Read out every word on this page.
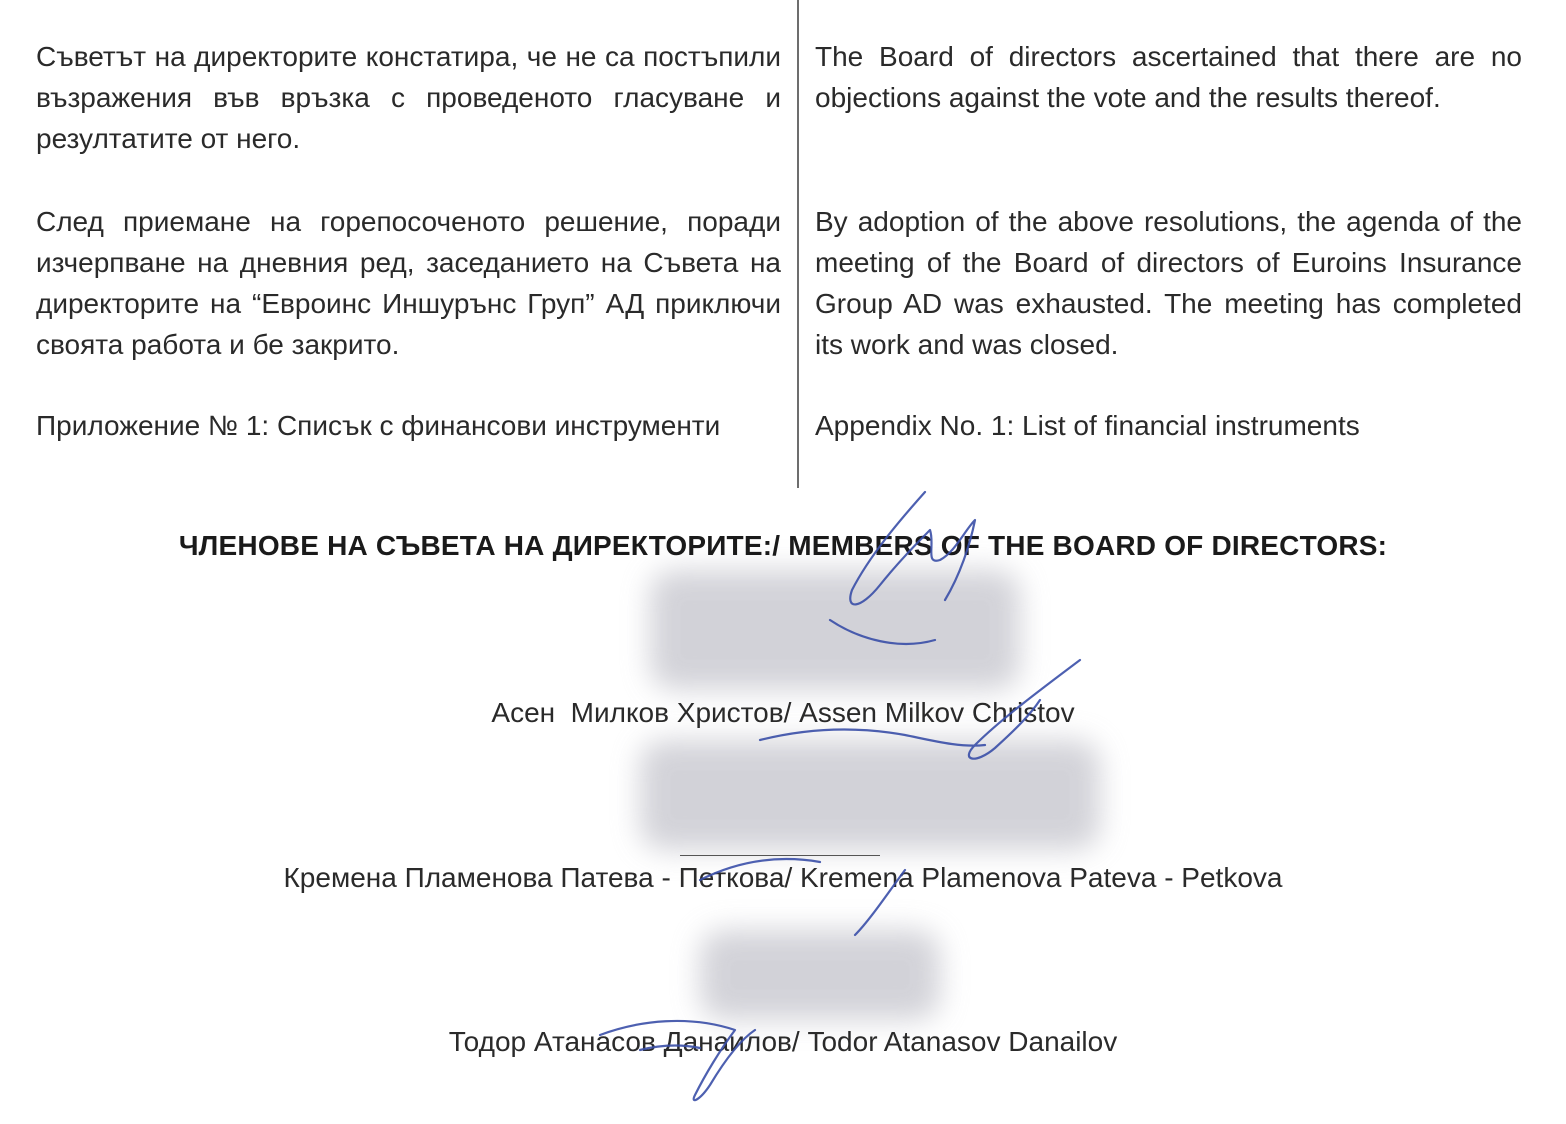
Съветът на директорите констатира, че не са постъпили възражения във връзка с проведеното гласуване и резултатите от него.
The Board of directors ascertained that there are no objections against the vote and the results thereof.
След приемане на горепосоченото решение, поради изчерпване на дневния ред, заседанието на Съвета на директорите на “Евроинс Иншурънс Груп” АД приключи своята работа и бе закрито.
By adoption of the above resolutions, the agenda of the meeting of the Board of directors of Euroins Insurance Group AD was exhausted. The meeting has completed its work and was closed.
Приложение № 1: Списък с финансови инструменти	Appendix No. 1: List of financial instruments
ЧЛЕНОВЕ НА СЪВЕТА НА ДИРЕКТОРИТЕ:/ MEMBERS OF THE BOARD OF DIRECTORS:
Асен  Милков Христов/ Assen Milkov Christov
Кремена Пламенова Патева - Петкова/ Kremena Plamenova Pateva - Petkova
Тодор Атанасов Данаилов/ Todor Atanasov Danailov
